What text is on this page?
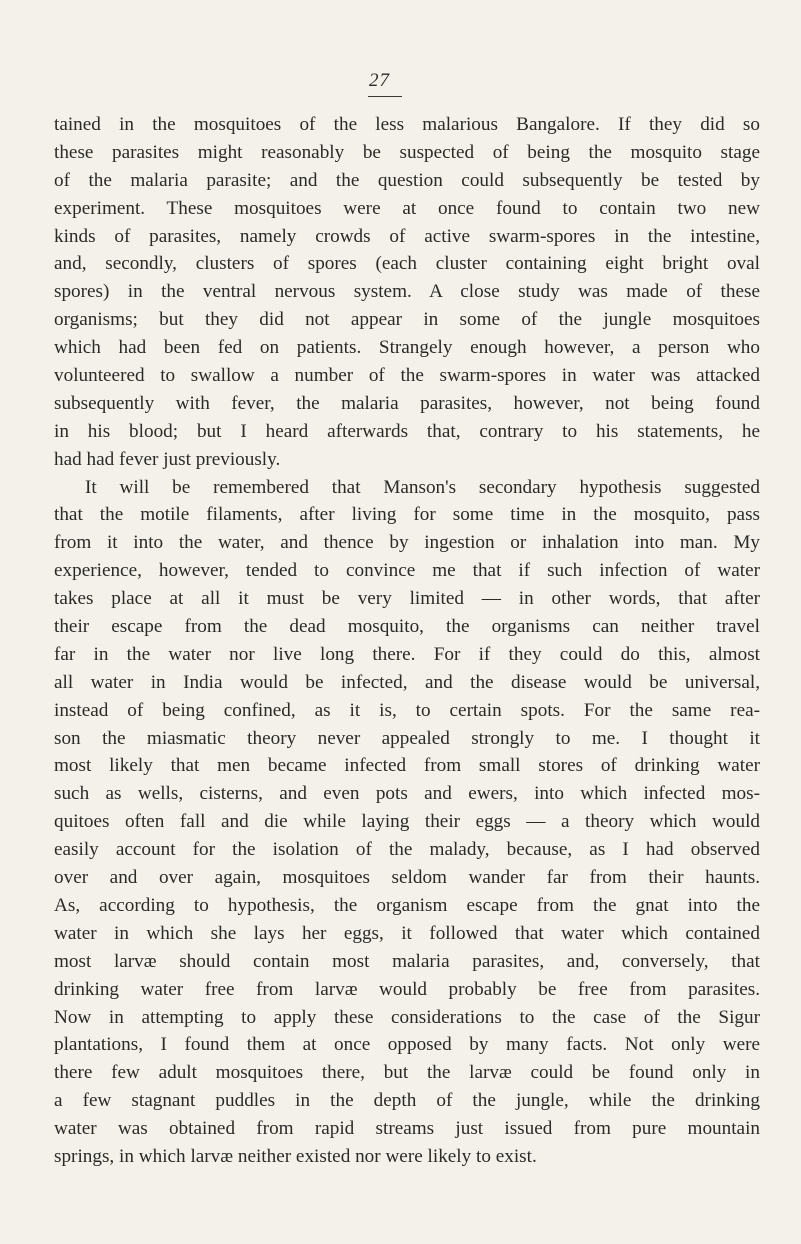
27
tained in the mosquitoes of the less malarious Bangalore. If they did so
these parasites might reasonably be suspected of being the mosquito stage
of the malaria parasite; and the question could subsequently be tested by
experiment. These mosquitoes were at once found to contain two new
kinds of parasites, namely crowds of active swarm-spores in the intestine,
and, secondly, clusters of spores (each cluster containing eight bright oval
spores) in the ventral nervous system. A close study was made of these
organisms; but they did not appear in some of the jungle mosquitoes
which had been fed on patients. Strangely enough however, a person who
volunteered to swallow a number of the swarm-spores in water was attacked
subsequently with fever, the malaria parasites, however, not being found
in his blood; but I heard afterwards that, contrary to his statements, he
had had fever just previously.
It will be remembered that Manson's secondary hypothesis suggested
that the motile filaments, after living for some time in the mosquito, pass
from it into the water, and thence by ingestion or inhalation into man. My
experience, however, tended to convince me that if such infection of water
takes place at all it must be very limited — in other words, that after
their escape from the dead mosquito, the organisms can neither travel
far in the water nor live long there. For if they could do this, almost
all water in India would be infected, and the disease would be universal,
instead of being confined, as it is, to certain spots. For the same rea-
son the miasmatic theory never appealed strongly to me. I thought it
most likely that men became infected from small stores of drinking water
such as wells, cisterns, and even pots and ewers, into which infected mos-
quitoes often fall and die while laying their eggs — a theory which would
easily account for the isolation of the malady, because, as I had observed
over and over again, mosquitoes seldom wander far from their haunts.
As, according to hypothesis, the organism escape from the gnat into the
water in which she lays her eggs, it followed that water which contained
most larvæ should contain most malaria parasites, and, conversely, that
drinking water free from larvæ would probably be free from parasites.
Now in attempting to apply these considerations to the case of the Sigur
plantations, I found them at once opposed by many facts. Not only were
there few adult mosquitoes there, but the larvæ could be found only in
a few stagnant puddles in the depth of the jungle, while the drinking
water was obtained from rapid streams just issued from pure mountain
springs, in which larvæ neither existed nor were likely to exist.
